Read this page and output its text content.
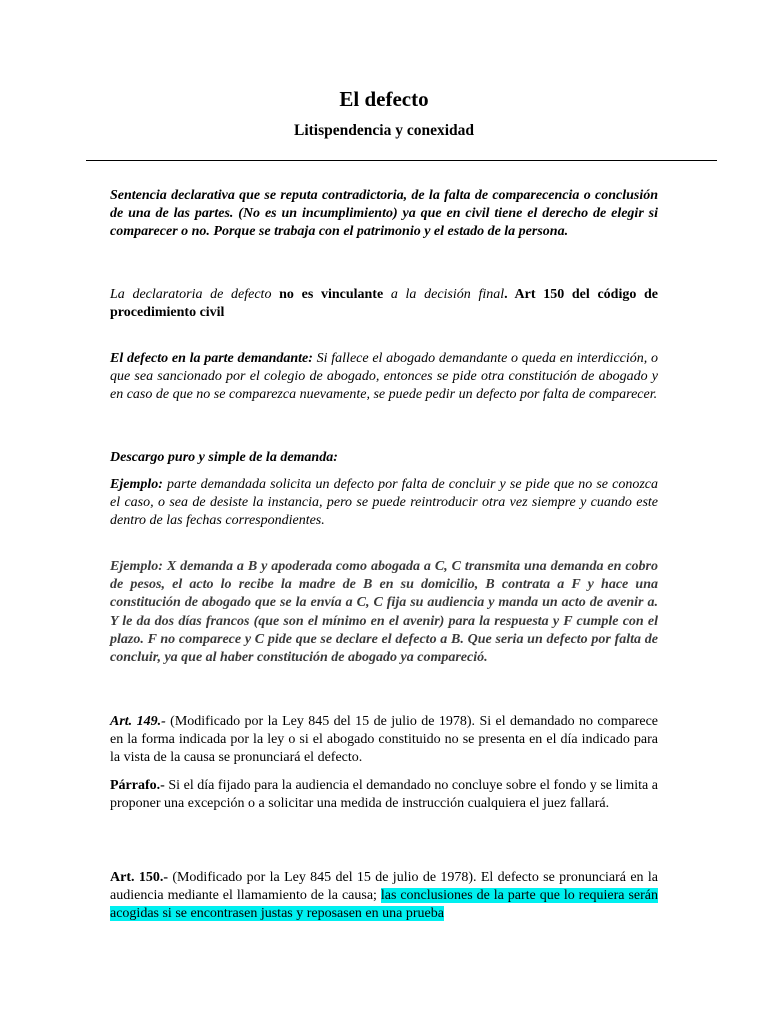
El defecto
Litispendencia y conexidad

Sentencia declarativa que se reputa contradictoria, de la falta de comparecencia o conclusión de una de las partes. (No es un incumplimiento) ya que en civil tiene el derecho de elegir si comparecer o no. Porque se trabaja con el patrimonio y el estado de la persona.

La declaratoria de defecto no es vinculante a la decisión final. Art 150 del código de procedimiento civil

El defecto en la parte demandante: Si fallece el abogado demandante o queda en interdicción, o que sea sancionado por el colegio de abogado, entonces se pide otra constitución de abogado y en caso de que no se comparezca nuevamente, se puede pedir un defecto por falta de comparecer.

Descargo puro y simple de la demanda:

Ejemplo: parte demandada solicita un defecto por falta de concluir y se pide que no se conozca el caso, o sea de desiste la instancia, pero se puede reintroducir otra vez siempre y cuando este dentro de las fechas correspondientes.

Ejemplo: X demanda a B y apoderada como abogada a C, C transmita una demanda en cobro de pesos, el acto lo recibe la madre de B en su domicilio, B contrata a F y hace una constitución de abogado que se la envía a C, C fija su audiencia y manda un acto de avenir a. Y le da dos días francos (que son el mínimo en el avenir) para la respuesta y F cumple con el plazo. F no comparece y C pide que se declare el defecto a B. Que seria un defecto por falta de concluir, ya que al haber constitución de abogado ya compareció.

Art. 149.- (Modificado por la Ley 845 del 15 de julio de 1978). Si el demandado no comparece en la forma indicada por la ley o si el abogado constituido no se presenta en el día indicado para la vista de la causa se pronunciará el defecto.

Párrafo.- Si el día fijado para la audiencia el demandado no concluye sobre el fondo y se limita a proponer una excepción o a solicitar una medida de instrucción cualquiera el juez fallará.

Art. 150.- (Modificado por la Ley 845 del 15 de julio de 1978). El defecto se pronunciará en la audiencia mediante el llamamiento de la causa; las conclusiones de la parte que lo requiera serán acogidas si se encontrasen justas y reposasen en una prueba
